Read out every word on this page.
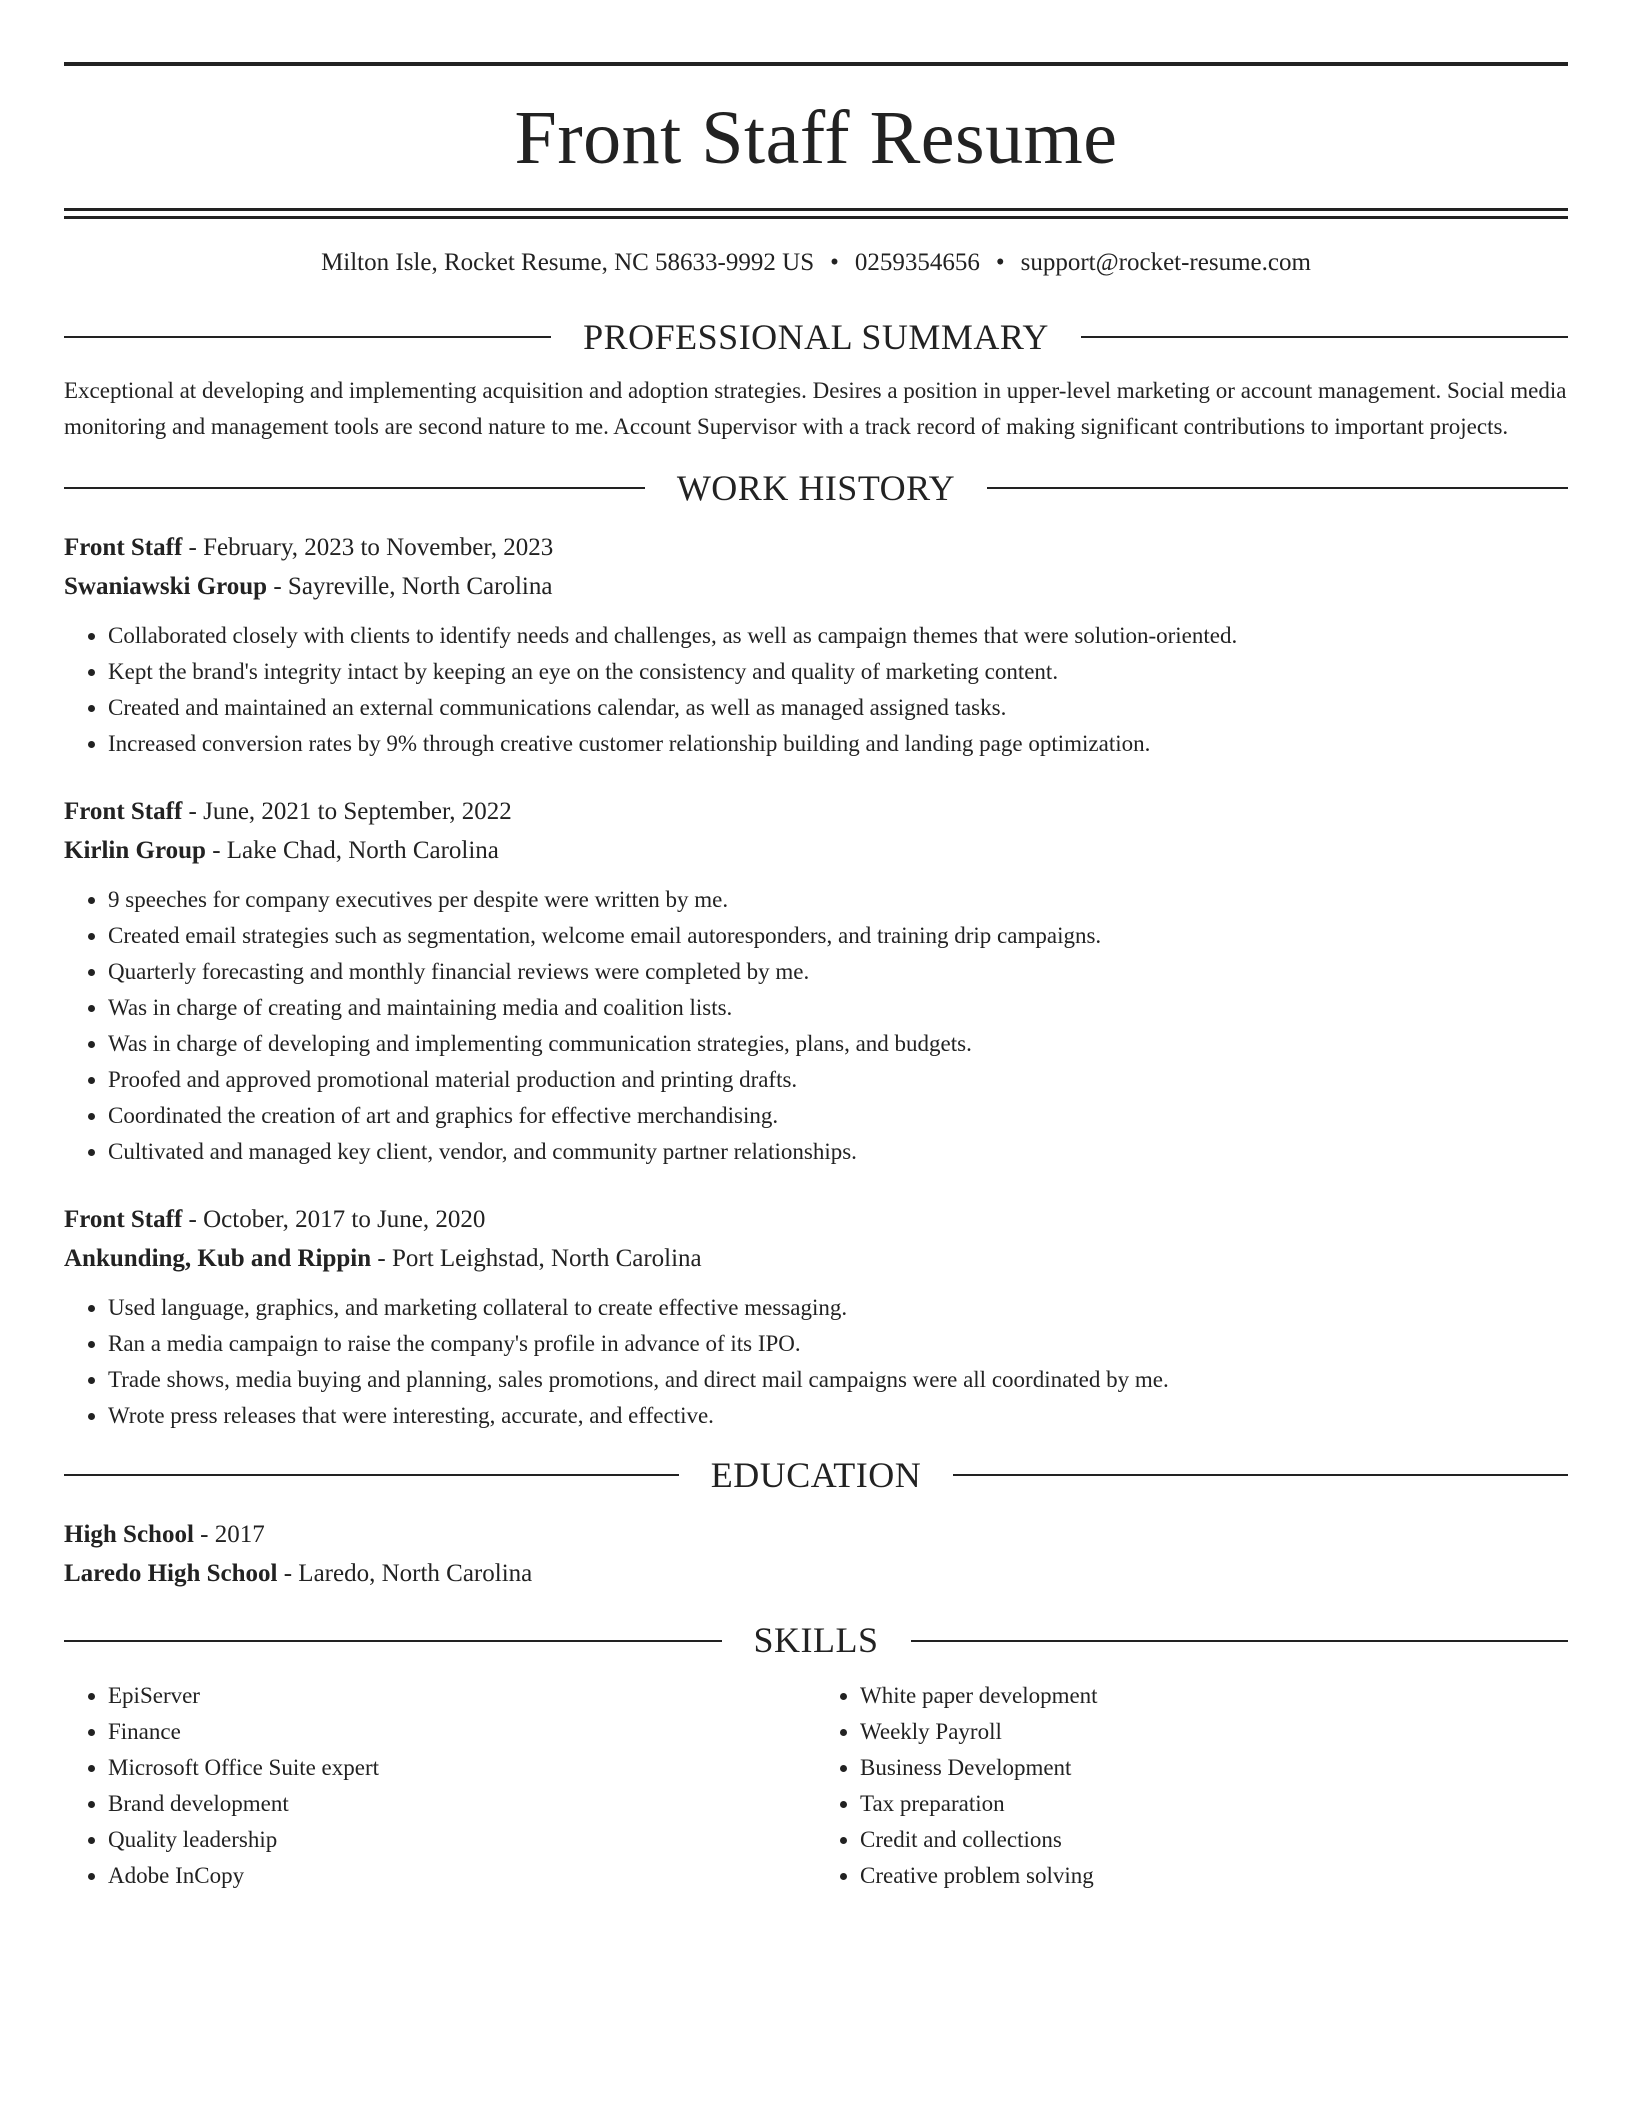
Front Staff Resume
Milton Isle, Rocket Resume, NC 58633-9992 US • 0259354656 • support@rocket-resume.com
PROFESSIONAL SUMMARY
Exceptional at developing and implementing acquisition and adoption strategies. Desires a position in upper-level marketing or account management. Social media monitoring and management tools are second nature to me. Account Supervisor with a track record of making significant contributions to important projects.
WORK HISTORY
Front Staff - February, 2023 to November, 2023
Swaniawski Group - Sayreville, North Carolina
• Collaborated closely with clients to identify needs and challenges, as well as campaign themes that were solution-oriented.
• Kept the brand's integrity intact by keeping an eye on the consistency and quality of marketing content.
• Created and maintained an external communications calendar, as well as managed assigned tasks.
• Increased conversion rates by 9% through creative customer relationship building and landing page optimization.
Front Staff - June, 2021 to September, 2022
Kirlin Group - Lake Chad, North Carolina
• 9 speeches for company executives per despite were written by me.
• Created email strategies such as segmentation, welcome email autoresponders, and training drip campaigns.
• Quarterly forecasting and monthly financial reviews were completed by me.
• Was in charge of creating and maintaining media and coalition lists.
• Was in charge of developing and implementing communication strategies, plans, and budgets.
• Proofed and approved promotional material production and printing drafts.
• Coordinated the creation of art and graphics for effective merchandising.
• Cultivated and managed key client, vendor, and community partner relationships.
Front Staff - October, 2017 to June, 2020
Ankunding, Kub and Rippin - Port Leighstad, North Carolina
• Used language, graphics, and marketing collateral to create effective messaging.
• Ran a media campaign to raise the company's profile in advance of its IPO.
• Trade shows, media buying and planning, sales promotions, and direct mail campaigns were all coordinated by me.
• Wrote press releases that were interesting, accurate, and effective.
EDUCATION
High School - 2017
Laredo High School - Laredo, North Carolina
SKILLS
• EpiServer
• Finance
• Microsoft Office Suite expert
• Brand development
• Quality leadership
• Adobe InCopy
• White paper development
• Weekly Payroll
• Business Development
• Tax preparation
• Credit and collections
• Creative problem solving
